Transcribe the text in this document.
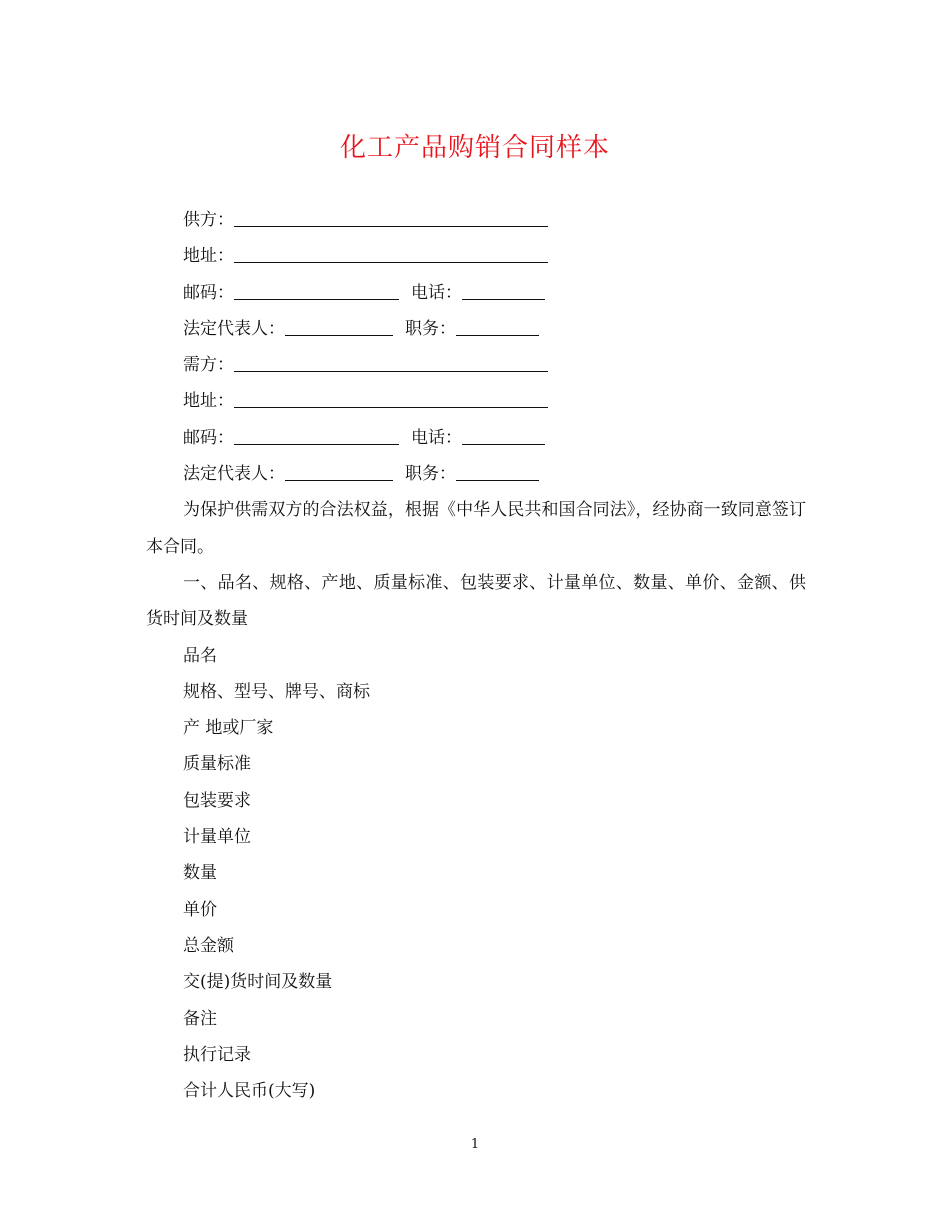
化工产品购销合同样本
供方：
地址：
邮码：	电话：
法定代表人：	职务：
需方：
地址：
邮码：	电话：
法定代表人：	职务：
为保护供需双方的合法权益，根据《中华人民共和国合同法》，经协商一致同意签订本合同。
一、品名、规格、产地、质量标准、包装要求、计量单位、数量、单价、金额、供货时间及数量
品名
规格、型号、牌号、商标
产 地或厂家
质量标准
包装要求
计量单位
数量
单价
总金额
交(提)货时间及数量
备注
执行记录
合计人民币(大写)
1
